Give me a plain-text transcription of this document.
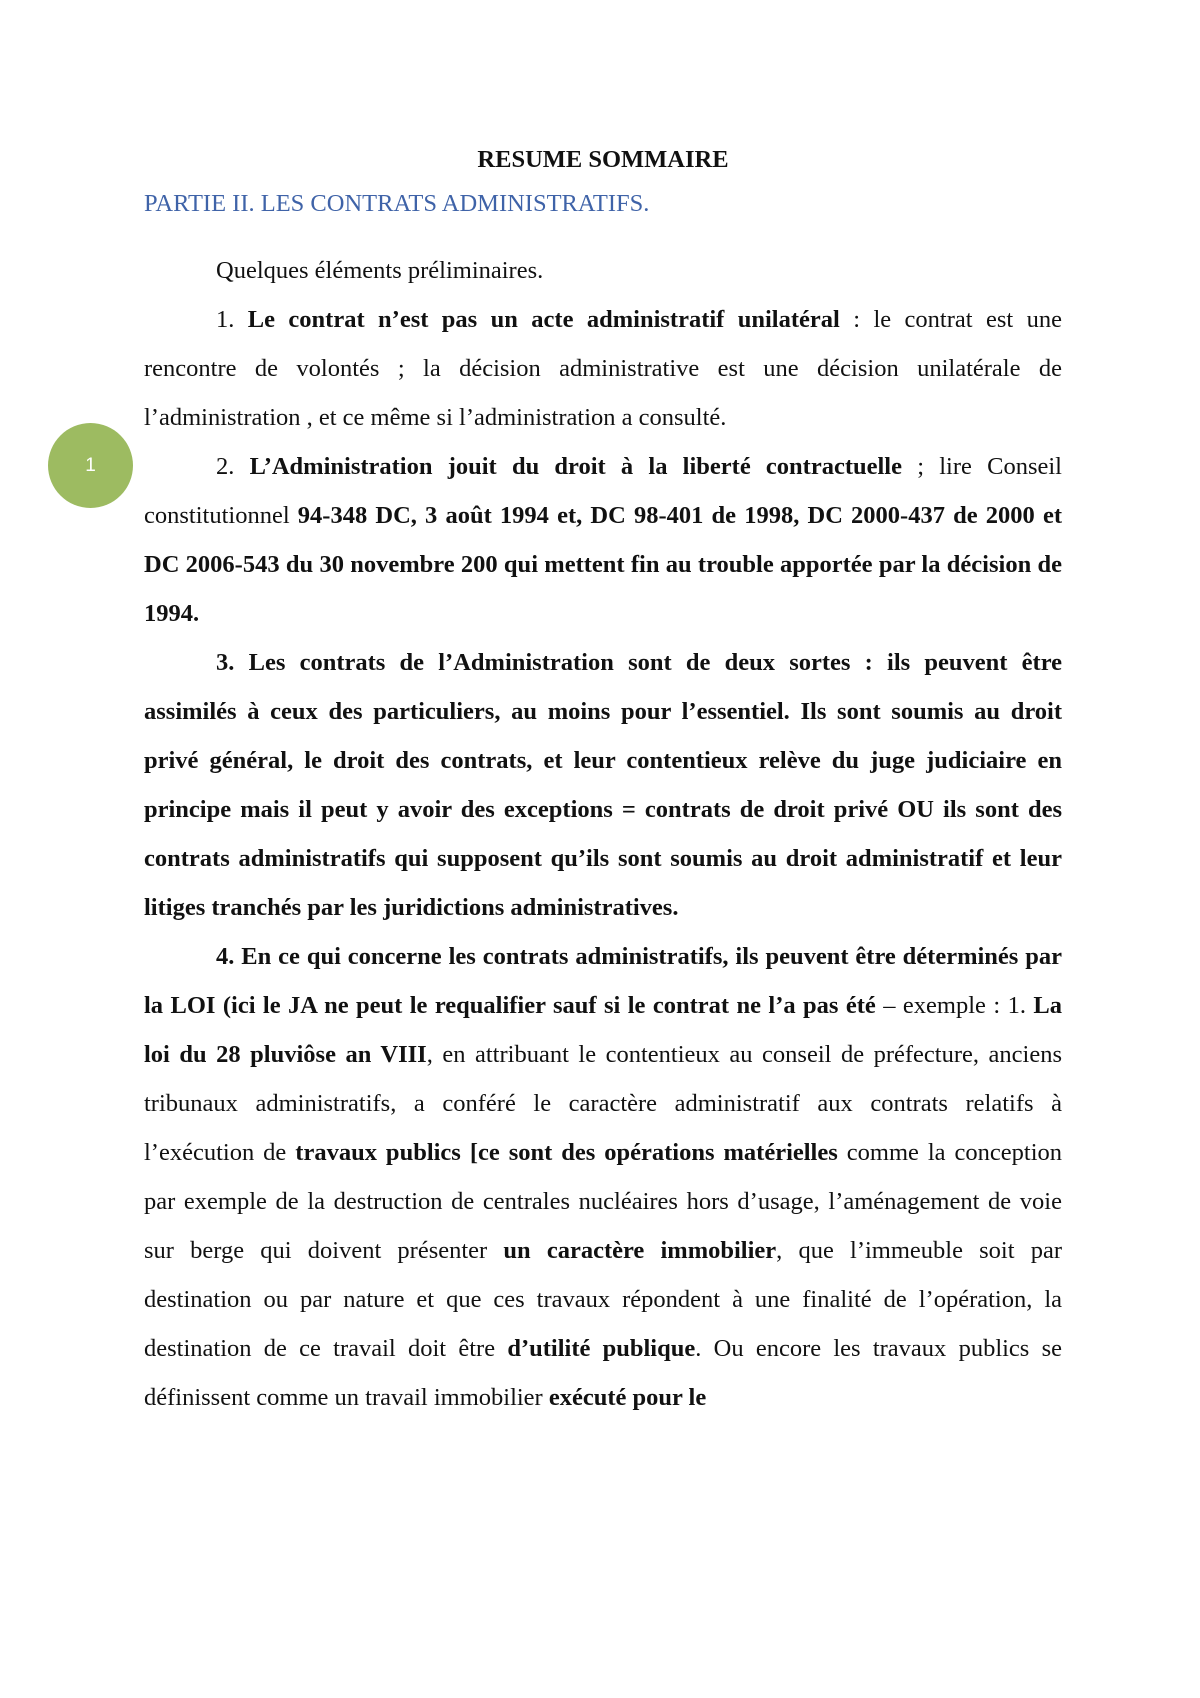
1

RESUME SOMMAIRE

PARTIE II. LES CONTRATS ADMINISTRATIFS.

Quelques éléments préliminaires.

1. Le contrat n’est pas un acte administratif unilatéral : le contrat est une rencontre de volontés ; la décision administrative est une décision unilatérale de l’administration , et ce même si l’administration a consulté.

2. L’Administration jouit du droit à la liberté contractuelle ; lire Conseil constitutionnel 94-348 DC, 3 août 1994 et, DC 98-401 de 1998, DC 2000-437 de 2000 et DC 2006-543 du 30 novembre 200 qui mettent fin au trouble apportée par la décision de 1994.

3. Les contrats de l’Administration sont de deux sortes : ils peuvent être assimilés à ceux des particuliers, au moins pour l’essentiel. Ils sont soumis au droit privé général, le droit des contrats, et leur contentieux relève du juge judiciaire en principe mais il peut y avoir des exceptions = contrats de droit privé OU ils sont des contrats administratifs qui supposent qu’ils sont soumis au droit administratif et leur litiges tranchés par les juridictions administratives.

4. En ce qui concerne les contrats administratifs, ils peuvent être déterminés par la LOI (ici le JA ne peut le requalifier sauf si le contrat ne l’a pas été – exemple : 1. La loi du 28 pluviôse an VIII, en attribuant le contentieux au conseil de préfecture, anciens tribunaux administratifs, a conféré le caractère administratif aux contrats relatifs à l’exécution de travaux publics [ce sont des opérations matérielles comme la conception par exemple de la destruction de centrales nucléaires hors d’usage, l’aménagement de voie sur berge qui doivent présenter un caractère immobilier, que l’immeuble soit par destination ou par nature et que ces travaux répondent à une finalité de l’opération, la destination de ce travail doit être d’utilité publique. Ou encore les travaux publics se définissent comme un travail immobilier exécuté pour le
